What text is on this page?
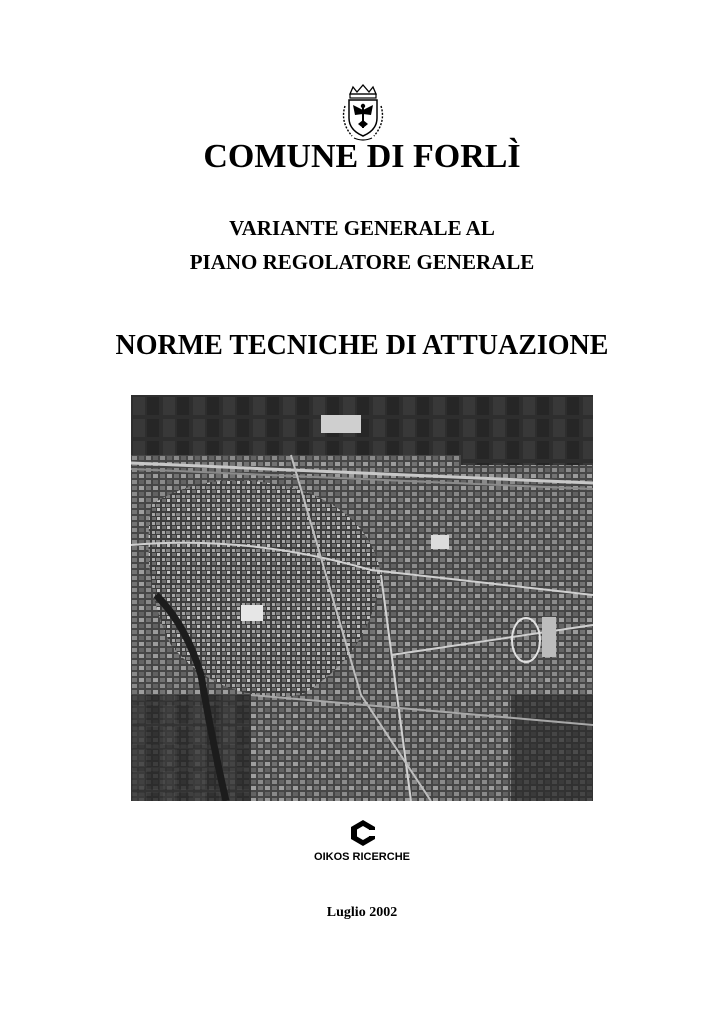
COMUNE DI FORLÌ
VARIANTE GENERALE AL
PIANO REGOLATORE GENERALE
NORME TECNICHE DI ATTUAZIONE
OIKOS RICERCHE
Luglio 2002
